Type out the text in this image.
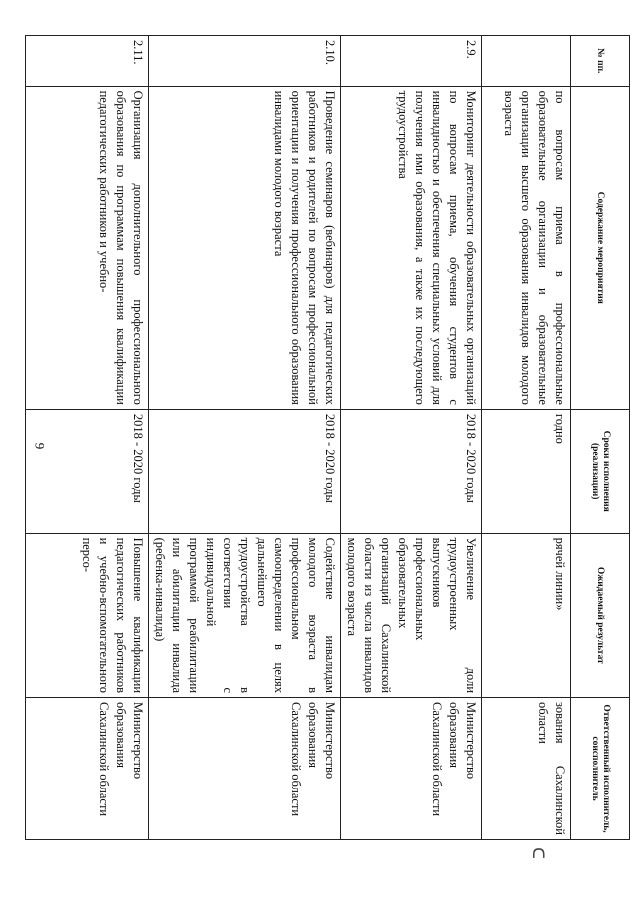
9
ᑕ
№ пп.	Содержание мероприятия	Сроки исполнения (реализации)	Ожидаемый результат	Ответственный исполнитель, соисполнитель
	по вопросам приема в профессиональные образовательные организации и образовательные организации высшего образования инвалидов молодого возраста	годно	рячей линии»	зования Сахалинской области
2.9.	Мониторинг деятельности образовательных организаций по вопросам приема, обучения студентов с инвалидностью и обеспечения специальных условий для получения ими образования, а также их последующего трудоустройства	2018 - 2020 годы	Увеличение доли трудоустроенных выпускников профессиональных образовательных организаций Сахалинской области из числа инвалидов молодого возраста	Министерство образования Сахалинской области
2.10.	Проведение семинаров (вебинаров) для педагогических работников и родителей по вопросам профессиональной ориентации и получения профессионального образования инвалидами молодого возраста	2018 - 2020 годы	Содействие инвалидам молодого возраста в профессиональном самоопределении в целях дальнейшего трудоустройства в соответствии с индивидуальной программой реабилитации или абилитации инвалида (ребенка-инвалида)	Министерство образования Сахалинской области
2.11.	Организация дополнительного профессионального образования по программам повышения квалификации педагогических работников и учебно-	2018 - 2020 годы	Повышение квалификации педагогических работников и учебно-вспомогательного персо-	Министерство образования Сахалинской области
